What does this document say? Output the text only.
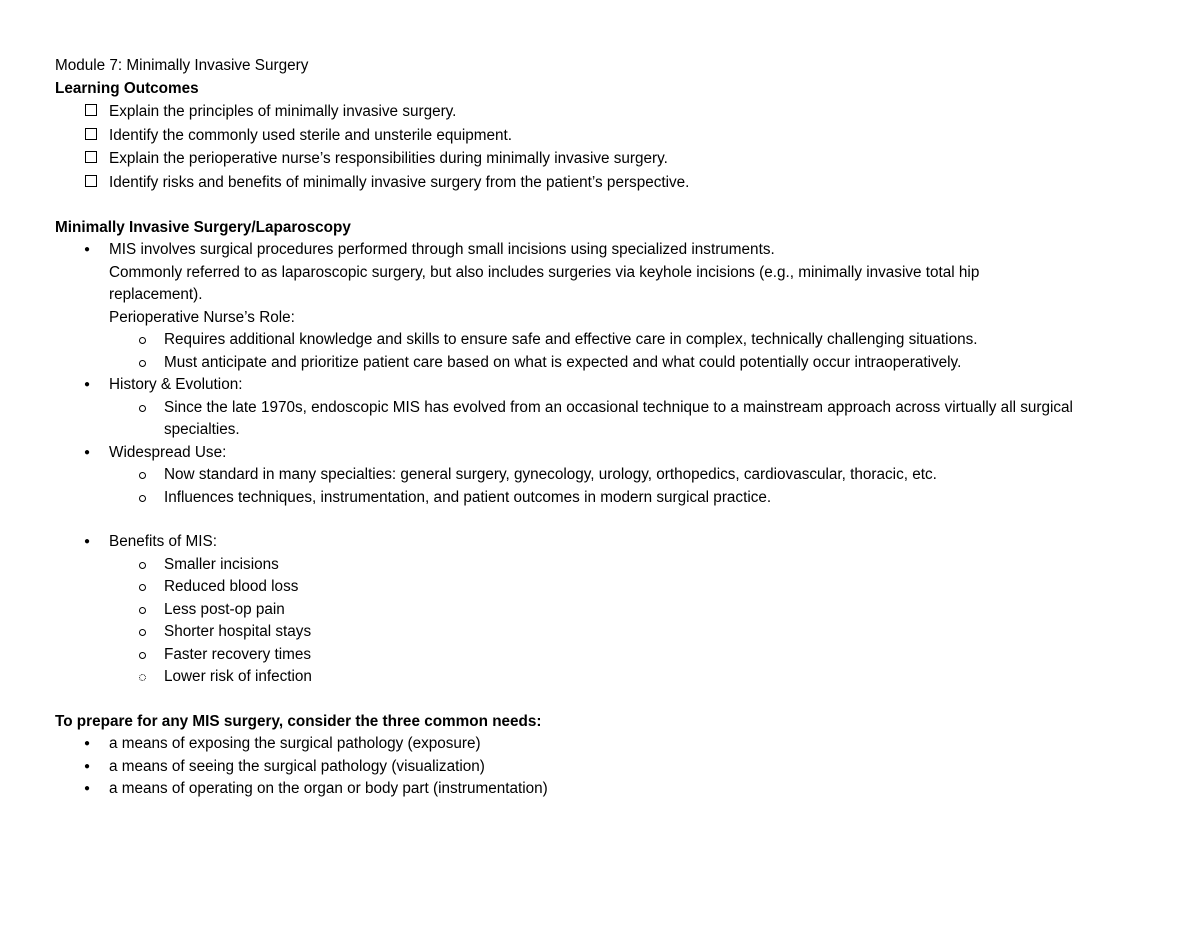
Module 7: Minimally Invasive Surgery
Learning Outcomes
Explain the principles of minimally invasive surgery.
Identify the commonly used sterile and unsterile equipment.
Explain the perioperative nurse’s responsibilities during minimally invasive surgery.
Identify risks and benefits of minimally invasive surgery from the patient’s perspective.
Minimally Invasive Surgery/Laparoscopy
● MIS involves surgical procedures performed through small incisions using specialized instruments.
Commonly referred to as laparoscopic surgery, but also includes surgeries via keyhole incisions (e.g., minimally invasive total hip
replacement).
Perioperative Nurse’s Role:
Requires additional knowledge and skills to ensure safe and effective care in complex, technically challenging situations.
Must anticipate and prioritize patient care based on what is expected and what could potentially occur intraoperatively.
● History & Evolution:
Since the late 1970s, endoscopic MIS has evolved from an occasional technique to a mainstream approach across virtually all surgical
specialties.
● Widespread Use:
Now standard in many specialties: general surgery, gynecology, urology, orthopedics, cardiovascular, thoracic, etc.
Influences techniques, instrumentation, and patient outcomes in modern surgical practice.
● Benefits of MIS:
Smaller incisions
Reduced blood loss
Less post-op pain
Shorter hospital stays
Faster recovery times
Lower risk of infection
To prepare for any MIS surgery, consider the three common needs:
● a means of exposing the surgical pathology (exposure)
● a means of seeing the surgical pathology (visualization)
● a means of operating on the organ or body part (instrumentation)
